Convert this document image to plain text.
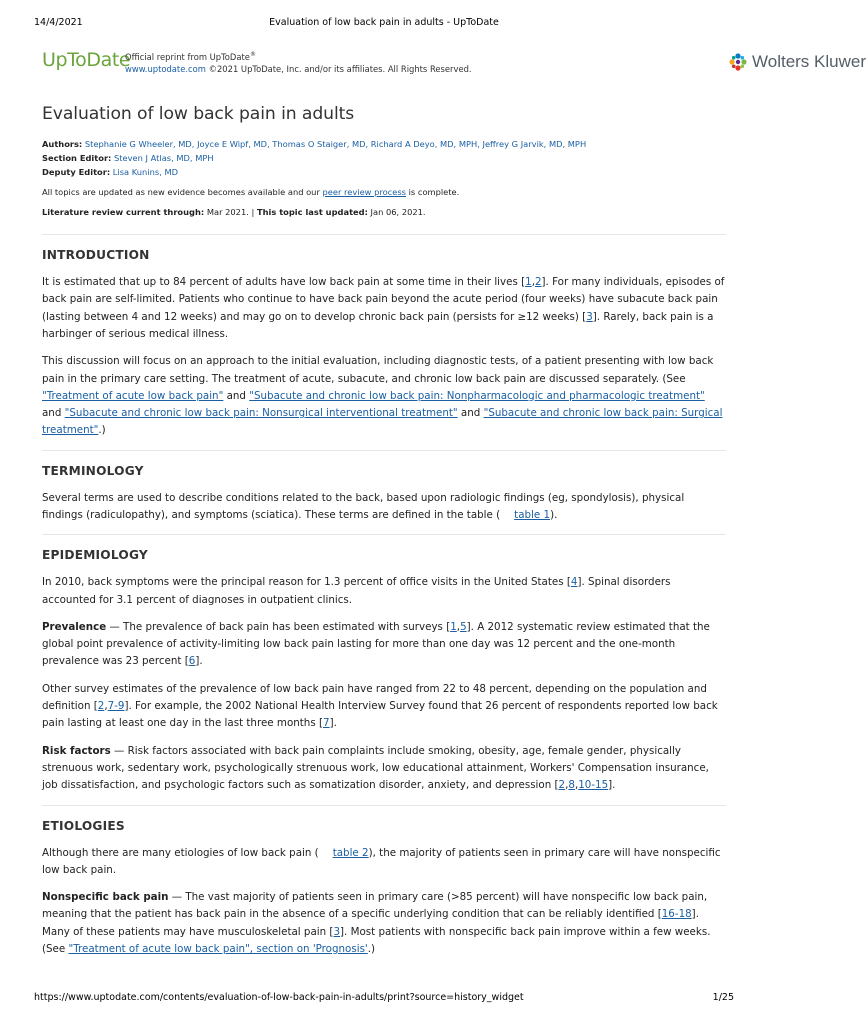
14/4/2021	Evaluation of low back pain in adults - UpToDate
UpToDate
Official reprint from UpToDate®
www.uptodate.com ©2021 UpToDate, Inc. and/or its affiliates. All Rights Reserved.	Wolters Kluwer
Evaluation of low back pain in adults
Authors: Stephanie G Wheeler, MD, Joyce E Wipf, MD, Thomas O Staiger, MD, Richard A Deyo, MD, MPH, Jeffrey G Jarvik, MD, MPH
Section Editor: Steven J Atlas, MD, MPH
Deputy Editor: Lisa Kunins, MD
All topics are updated as new evidence becomes available and our peer review process is complete.
Literature review current through: Mar 2021. | This topic last updated: Jan 06, 2021.
INTRODUCTION

It is estimated that up to 84 percent of adults have low back pain at some time in their lives [1,2]. For many individuals, episodes of back pain are self-limited. Patients who continue to have back pain beyond the acute period (four weeks) have subacute back pain (lasting between 4 and 12 weeks) and may go on to develop chronic back pain (persists for ≥12 weeks) [3]. Rarely, back pain is a harbinger of serious medical illness.

This discussion will focus on an approach to the initial evaluation, including diagnostic tests, of a patient presenting with low back pain in the primary care setting. The treatment of acute, subacute, and chronic low back pain are discussed separately. (See "Treatment of acute low back pain" and "Subacute and chronic low back pain: Nonpharmacologic and pharmacologic treatment" and "Subacute and chronic low back pain: Nonsurgical interventional treatment" and "Subacute and chronic low back pain: Surgical treatment".)

TERMINOLOGY

Several terms are used to describe conditions related to the back, based upon radiologic findings (eg, spondylosis), physical findings (radiculopathy), and symptoms (sciatica). These terms are defined in the table ( table 1).

EPIDEMIOLOGY

In 2010, back symptoms were the principal reason for 1.3 percent of office visits in the United States [4]. Spinal disorders accounted for 3.1 percent of diagnoses in outpatient clinics.

Prevalence — The prevalence of back pain has been estimated with surveys [1,5]. A 2012 systematic review estimated that the global point prevalence of activity-limiting low back pain lasting for more than one day was 12 percent and the one-month prevalence was 23 percent [6].

Other survey estimates of the prevalence of low back pain have ranged from 22 to 48 percent, depending on the population and definition [2,7-9]. For example, the 2002 National Health Interview Survey found that 26 percent of respondents reported low back pain lasting at least one day in the last three months [7].

Risk factors — Risk factors associated with back pain complaints include smoking, obesity, age, female gender, physically strenuous work, sedentary work, psychologically strenuous work, low educational attainment, Workers' Compensation insurance, job dissatisfaction, and psychologic factors such as somatization disorder, anxiety, and depression [2,8,10-15].

ETIOLOGIES

Although there are many etiologies of low back pain ( table 2), the majority of patients seen in primary care will have nonspecific low back pain.

Nonspecific back pain — The vast majority of patients seen in primary care (>85 percent) will have nonspecific low back pain, meaning that the patient has back pain in the absence of a specific underlying condition that can be reliably identified [16-18]. Many of these patients may have musculoskeletal pain [3]. Most patients with nonspecific back pain improve within a few weeks. (See "Treatment of acute low back pain", section on 'Prognosis'.)

https://www.uptodate.com/contents/evaluation-of-low-back-pain-in-adults/print?source=history_widget	1/25
